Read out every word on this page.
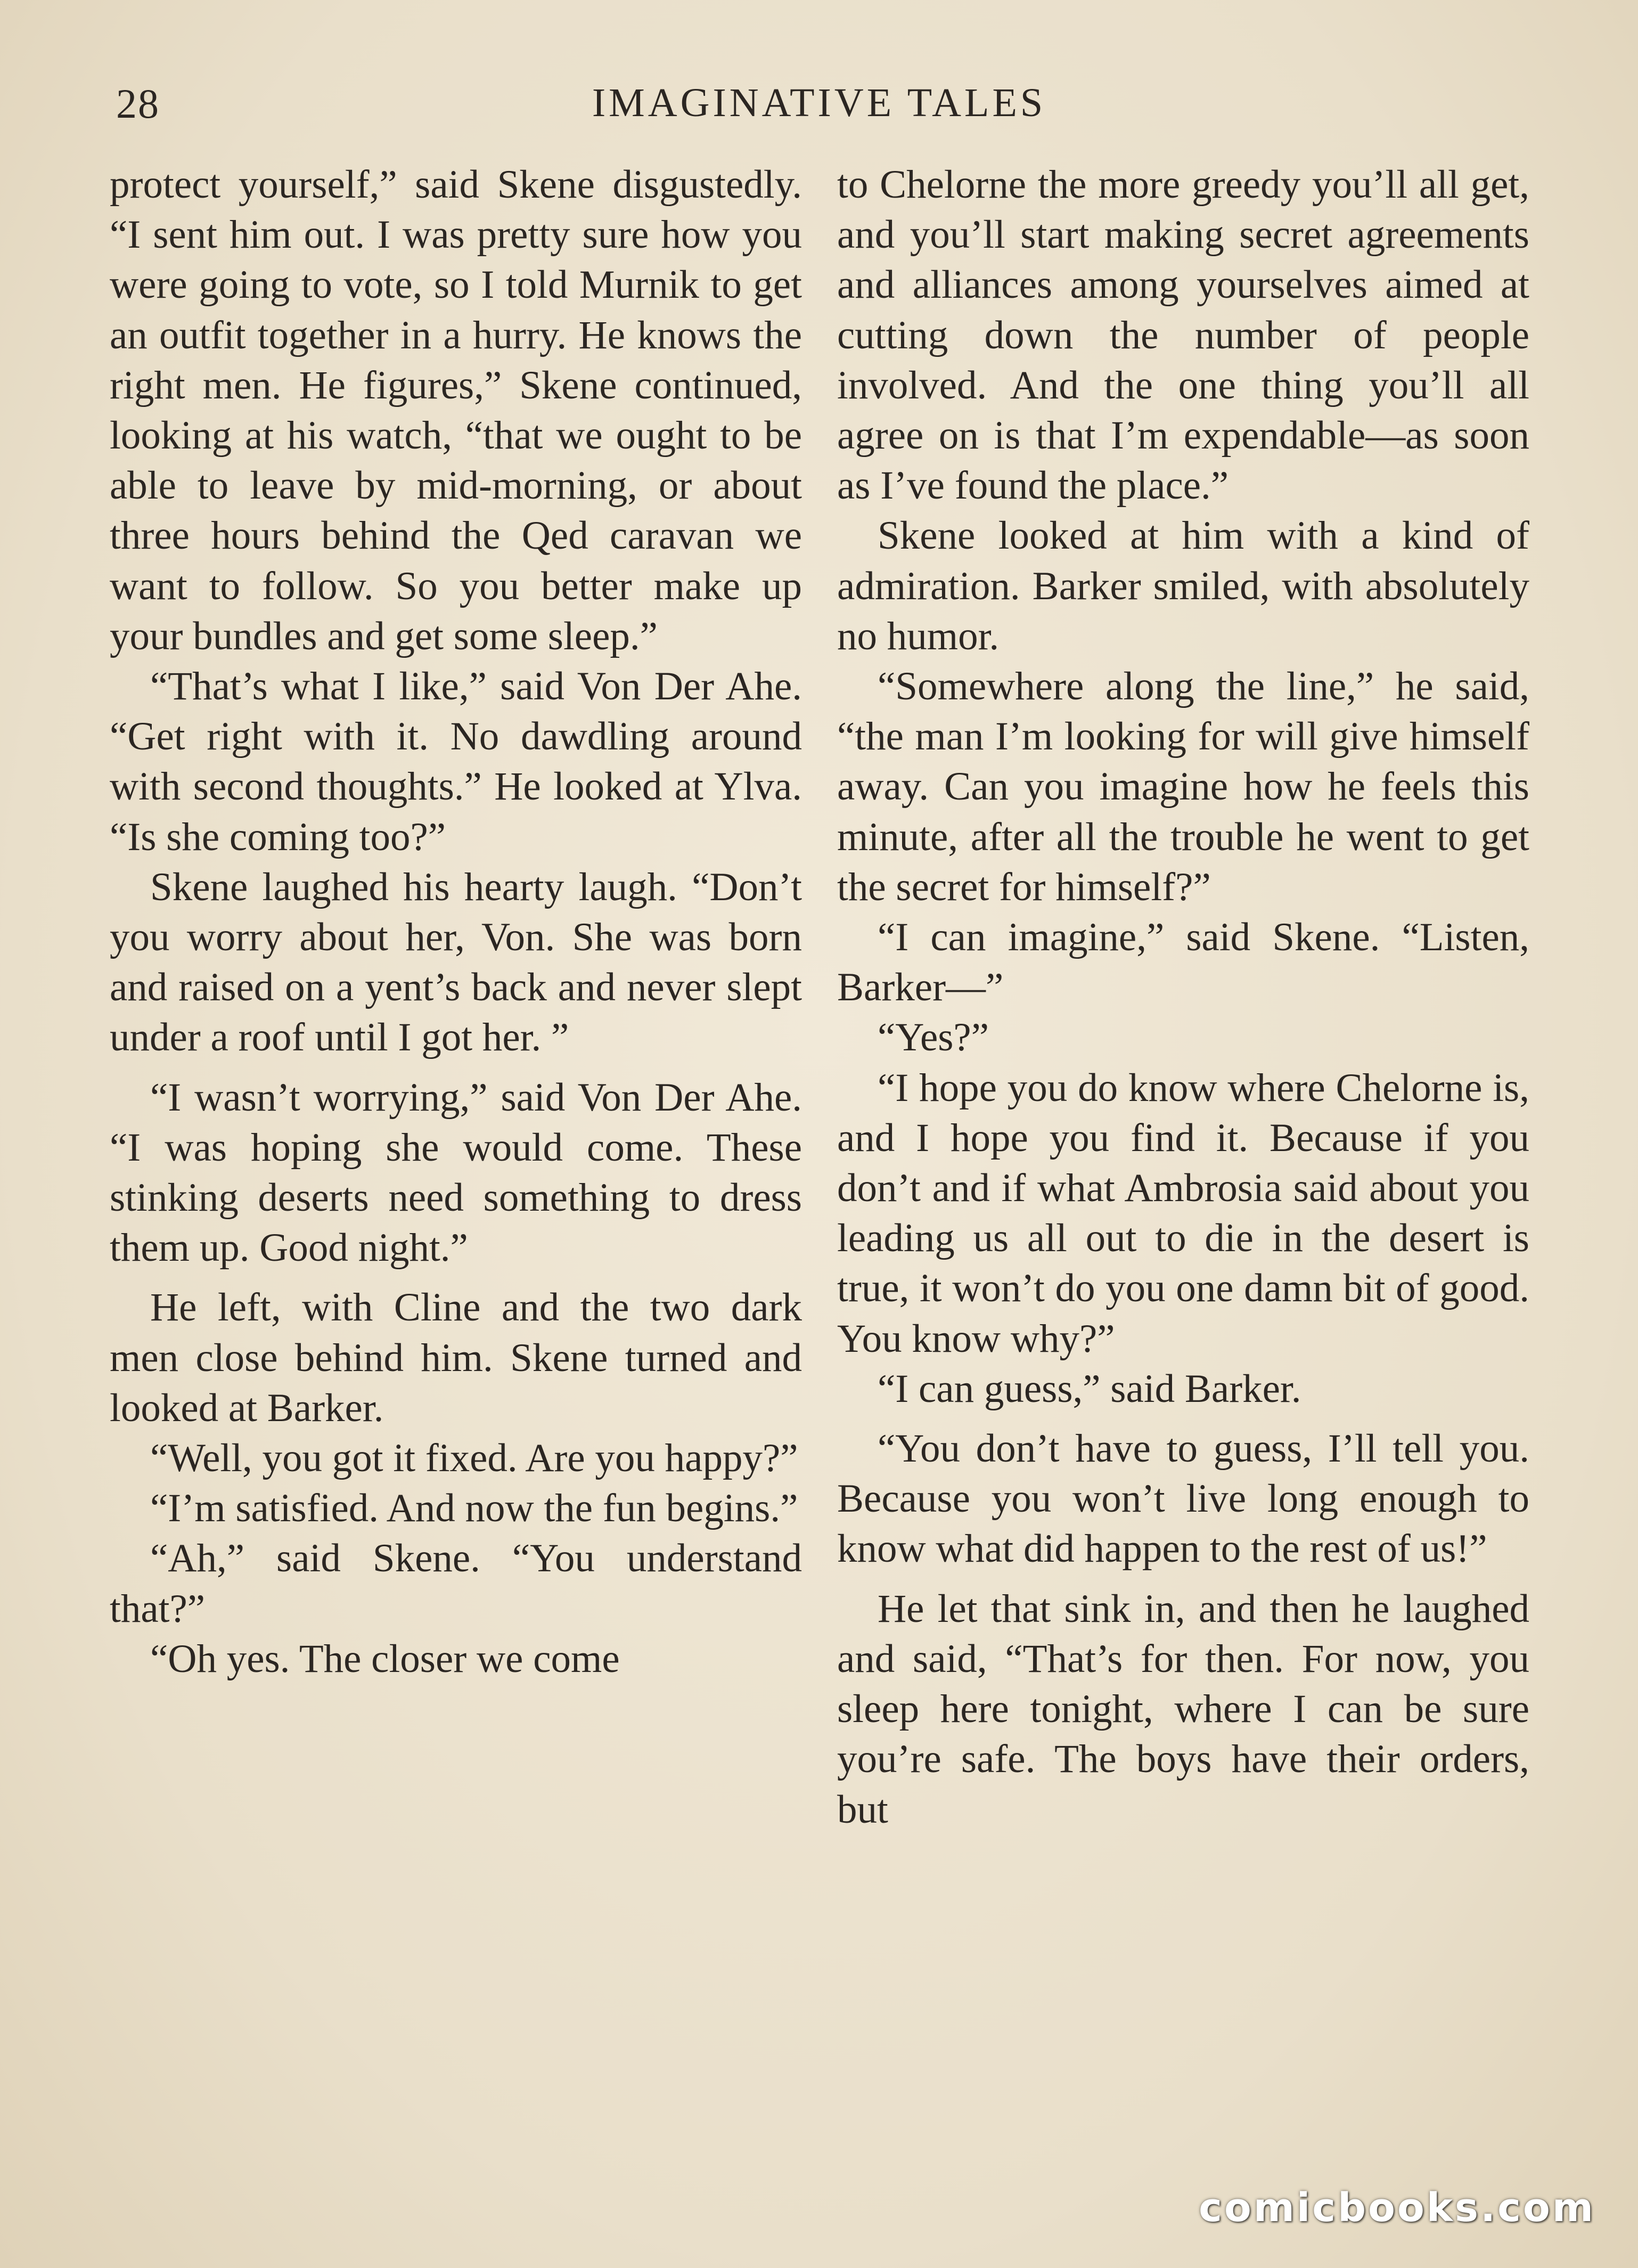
28	IMAGINATIVE TALES

protect yourself,” said Skene disgustedly. “I sent him out. I was pretty sure how you were going to vote, so I told Murnik to get an outfit together in a hurry. He knows the right men. He figures,” Skene continued, looking at his watch, “that we ought to be able to leave by mid-morning, or about three hours behind the Qed caravan we want to follow. So you better make up your bundles and get some sleep.”

“That’s what I like,” said Von Der Ahe. “Get right with it. No dawdling around with second thoughts.” He looked at Ylva. “Is she coming too?”

Skene laughed his hearty laugh. “Don’t you worry about her, Von. She was born and raised on a yent’s back and never slept under a roof until I got her. ”

“I wasn’t worrying,” said Von Der Ahe. “I was hoping she would come. These stinking deserts need something to dress them up. Good night.”

He left, with Cline and the two dark men close behind him. Skene turned and looked at Barker.

“Well, you got it fixed. Are you happy?”

“I’m satisfied. And now the fun begins.”

“Ah,” said Skene. “You understand that?”

“Oh yes. The closer we come

to Chelorne the more greedy you’ll all get, and you’ll start making secret agreements and alliances among yourselves aimed at cutting down the number of people involved. And the one thing you’ll all agree on is that I’m expendable—as soon as I’ve found the place.”

Skene looked at him with a kind of admiration. Barker smiled, with absolutely no humor.

“Somewhere along the line,” he said, “the man I’m looking for will give himself away. Can you imagine how he feels this minute, after all the trouble he went to get the secret for himself?”

“I can imagine,” said Skene. “Listen, Barker—”

“Yes?”

“I hope you do know where Chelorne is, and I hope you find it. Because if you don’t and if what Ambrosia said about you leading us all out to die in the desert is true, it won’t do you one damn bit of good. You know why?”

“I can guess,” said Barker.

“You don’t have to guess, I’ll tell you. Because you won’t live long enough to know what did happen to the rest of us!”

He let that sink in, and then he laughed and said, “That’s for then. For now, you sleep here tonight, where I can be sure you’re safe. The boys have their orders, but

comicbooks.com
